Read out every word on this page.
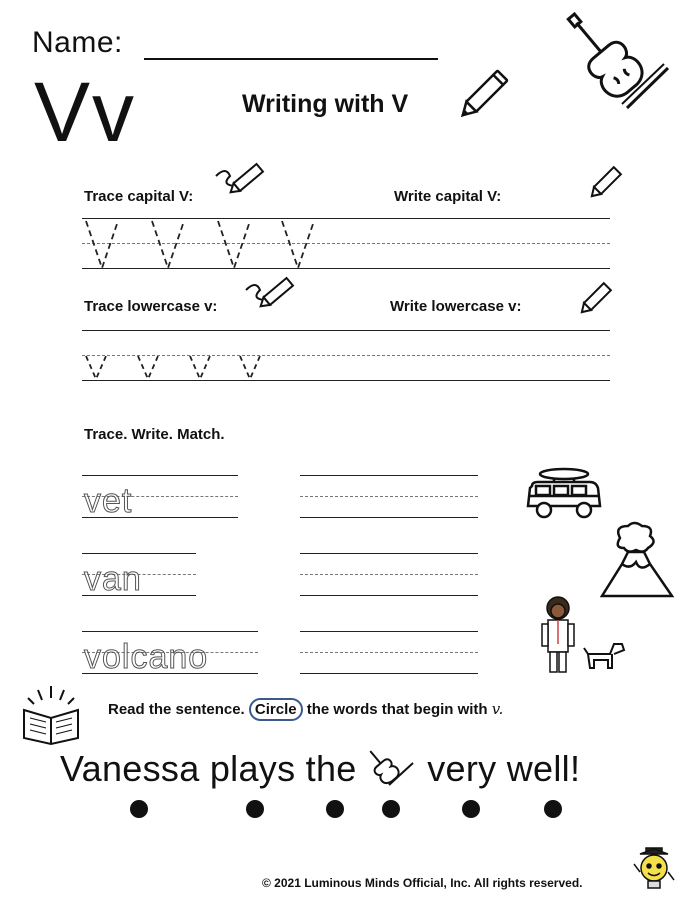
Name:
Vv	Writing with V
Trace capital V:	Write capital V:
Trace lowercase v:	Write lowercase v:
Trace. Write. Match.
vet
van
volcano
Read the sentence. Circle the words that begin with v.
Vanessa plays the very well!
© 2021 Luminous Minds Official, Inc. All rights reserved.
